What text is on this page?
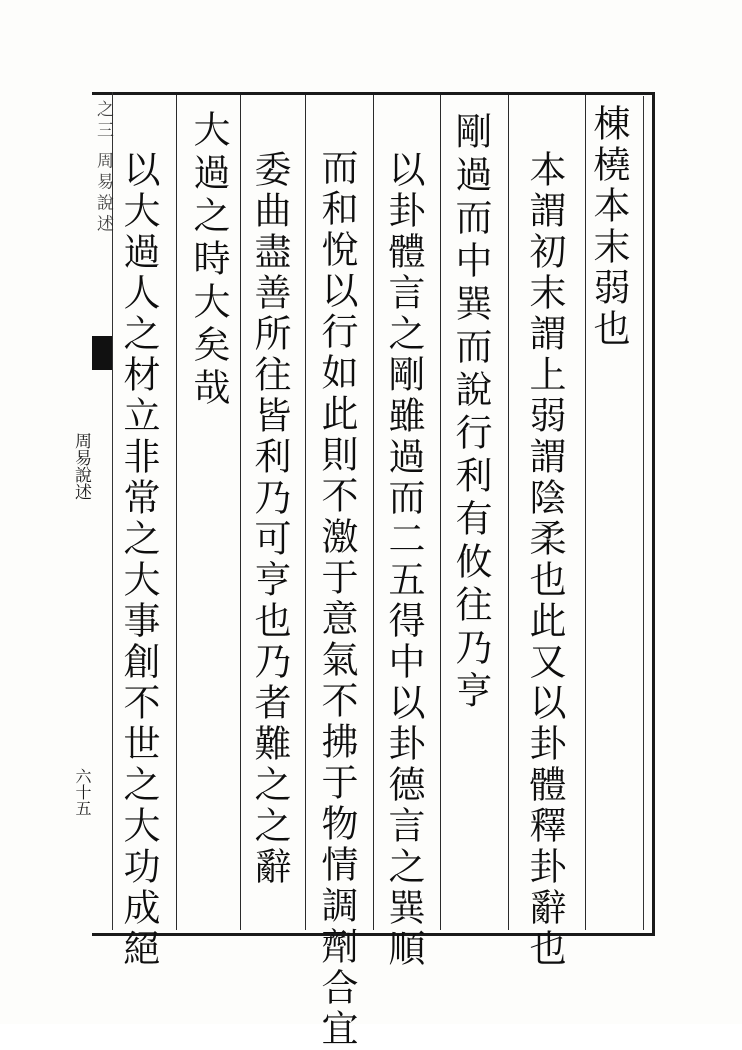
之三 周易說述
周易說述
六十五
棟橈本末弱也
本謂初末謂上弱謂陰柔也此又以卦體釋卦辭也
剛過而中巽而說行利有攸往乃亨
以卦體言之剛雖過而二五得中以卦德言之巽順
而和悅以行如此則不激于意氣不拂于物情調劑合宜
委曲盡善所往皆利乃可亨也乃者難之之辭
大過之時大矣哉
以大過人之材立非常之大事創不世之大功成絕
